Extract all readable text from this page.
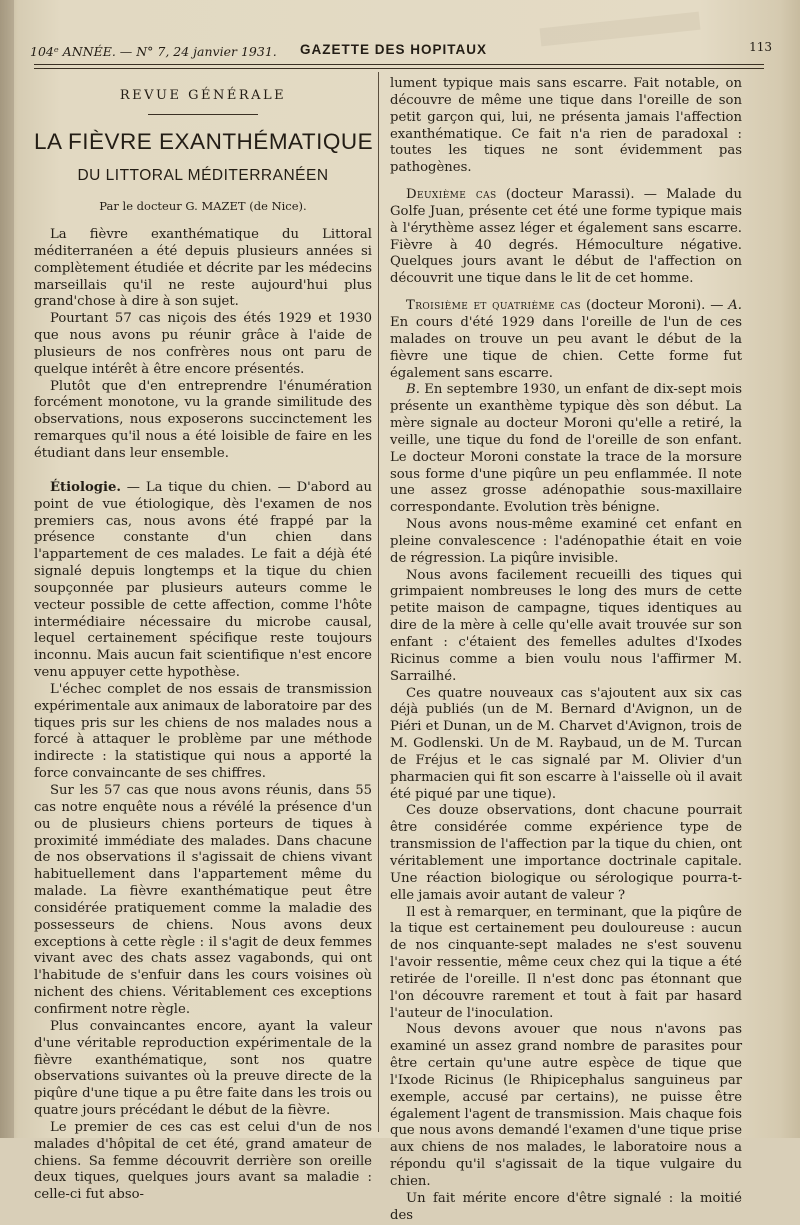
104ᵉ ANNÉE. — N° 7, 24 janvier 1931. GAZETTE DES HOPITAUX	113
REVUE GÉNÉRALE
LA FIÈVRE EXANTHÉMATIQUE
DU LITTORAL MÉDITERRANÉEN
Par le docteur G. MAZET (de Nice).

La fièvre exanthématique du Littoral méditerranéen a été depuis plusieurs années si complètement étudiée et décrite par les médecins marseillais qu'il ne reste aujourd'hui plus grand'chose à dire à son sujet.

Pourtant 57 cas niçois des étés 1929 et 1930 que nous avons pu réunir grâce à l'aide de plusieurs de nos confrères nous ont paru de quelque intérêt à être encore présentés.

Plutôt que d'en entreprendre l'énumération forcément monotone, vu la grande similitude des observations, nous exposerons succinctement les remarques qu'il nous a été loisible de faire en les étudiant dans leur ensemble.

Étiologie. — La tique du chien. — D'abord au point de vue étiologique, dès l'examen de nos premiers cas, nous avons été frappé par la présence constante d'un chien dans l'appartement de ces malades. Le fait a déjà été signalé depuis longtemps et la tique du chien soupçonnée par plusieurs auteurs comme le vecteur possible de cette affection, comme l'hôte intermédiaire nécessaire du microbe causal, lequel certainement spécifique reste toujours inconnu. Mais aucun fait scientifique n'est encore venu appuyer cette hypothèse.

L'échec complet de nos essais de transmission expérimentale aux animaux de laboratoire par des tiques pris sur les chiens de nos malades nous a forcé à attaquer le problème par une méthode indirecte : la statistique qui nous a apporté la force convaincante de ses chiffres.

Sur les 57 cas que nous avons réunis, dans 55 cas notre enquête nous a révélé la présence d'un ou de plusieurs chiens porteurs de tiques à proximité immédiate des malades. Dans chacune de nos observations il s'agissait de chiens vivant habituellement dans l'appartement même du malade. La fièvre exanthématique peut être considérée pratiquement comme la maladie des possesseurs de chiens. Nous avons deux exceptions à cette règle : il s'agit de deux femmes vivant avec des chats assez vagabonds, qui ont l'habitude de s'enfuir dans les cours voisines où nichent des chiens. Véritablement ces exceptions confirment notre règle.

Plus convaincantes encore, ayant la valeur d'une véritable reproduction expérimentale de la fièvre exanthématique, sont nos quatre observations suivantes où la preuve directe de la piqûre d'une tique a pu être faite dans les trois ou quatre jours précédant le début de la fièvre.

Le premier de ces cas est celui d'un de nos malades d'hôpital de cet été, grand amateur de chiens. Sa femme découvrit derrière son oreille deux tiques, quelques jours avant sa maladie : celle-ci fut abso-

lument typique mais sans escarre. Fait notable, on découvre de même une tique dans l'oreille de son petit garçon qui, lui, ne présenta jamais l'affection exanthématique. Ce fait n'a rien de paradoxal : toutes les tiques ne sont évidemment pas pathogènes.

Deuxième cas (docteur Marassi). — Malade du Golfe Juan, présente cet été une forme typique mais à l'érythème assez léger et également sans escarre. Fièvre à 40 degrés. Hémoculture négative. Quelques jours avant le début de l'affection on découvrit une tique dans le lit de cet homme.

Troisième et quatrième cas (docteur Moroni). — A. En cours d'été 1929 dans l'oreille de l'un de ces malades on trouve un peu avant le début de la fièvre une tique de chien. Cette forme fut également sans escarre.

B. En septembre 1930, un enfant de dix-sept mois présente un exanthème typique dès son début. La mère signale au docteur Moroni qu'elle a retiré, la veille, une tique du fond de l'oreille de son enfant. Le docteur Moroni constate la trace de la morsure sous forme d'une piqûre un peu enflammée. Il note une assez grosse adénopathie sous-maxillaire correspondante. Evolution très bénigne.

Nous avons nous-même examiné cet enfant en pleine convalescence : l'adénopathie était en voie de régression. La piqûre invisible.

Nous avons facilement recueilli des tiques qui grimpaient nombreuses le long des murs de cette petite maison de campagne, tiques identiques au dire de la mère à celle qu'elle avait trouvée sur son enfant : c'étaient des femelles adultes d'Ixodes Ricinus comme a bien voulu nous l'affirmer M. Sarrailhé.

Ces quatre nouveaux cas s'ajoutent aux six cas déjà publiés (un de M. Bernard d'Avignon, un de Piéri et Dunan, un de M. Charvet d'Avignon, trois de M. Godlenski. Un de M. Raybaud, un de M. Turcan de Fréjus et le cas signalé par M. Olivier d'un pharmacien qui fit son escarre à l'aisselle où il avait été piqué par une tique).

Ces douze observations, dont chacune pourrait être considérée comme expérience type de transmission de l'affection par la tique du chien, ont véritablement une importance doctrinale capitale. Une réaction biologique ou sérologique pourra-t-elle jamais avoir autant de valeur ?

Il est à remarquer, en terminant, que la piqûre de la tique est certainement peu douloureuse : aucun de nos cinquante-sept malades ne s'est souvenu l'avoir ressentie, même ceux chez qui la tique a été retirée de l'oreille. Il n'est donc pas étonnant que l'on découvre rarement et tout à fait par hasard l'auteur de l'inoculation.

Nous devons avouer que nous n'avons pas examiné un assez grand nombre de parasites pour être certain qu'une autre espèce de tique que l'Ixode Ricinus (le Rhipicephalus sanguineus par exemple, accusé par certains), ne puisse être également l'agent de transmission. Mais chaque fois que nous avons demandé l'examen d'une tique prise aux chiens de nos malades, le laboratoire nous a répondu qu'il s'agissait de la tique vulgaire du chien.

Un fait mérite encore d'être signalé : la moitié des
